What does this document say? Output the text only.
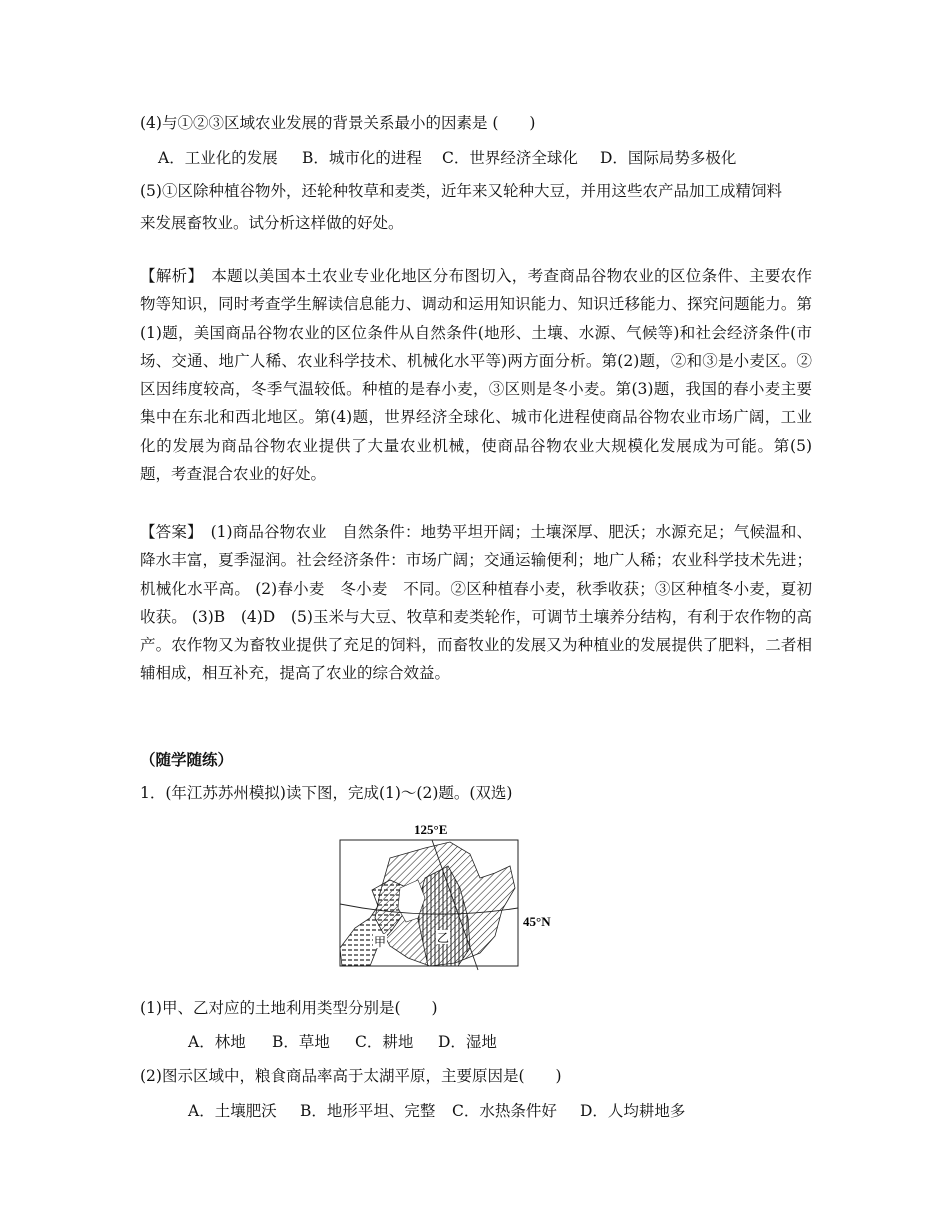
(4)与①②③区域农业发展的背景关系最小的因素是 (　　)
A．工业化的发展 B．城市化的进程 C．世界经济全球化 D．国际局势多极化
(5)①区除种植谷物外，还轮种牧草和麦类，近年来又轮种大豆，并用这些农产品加工成精饲料
来发展畜牧业。试分析这样做的好处。
【解析】　本题以美国本土农业专业化地区分布图切入，考查商品谷物农业的区位条件、主要农作物等知识，同时考查学生解读信息能力、调动和运用知识能力、知识迁移能力、探究问题能力。第(1)题，美国商品谷物农业的区位条件从自然条件(地形、土壤、水源、气候等)和社会经济条件(市场、交通、地广人稀、农业科学技术、机械化水平等)两方面分析。第(2)题，②和③是小麦区。②区因纬度较高，冬季气温较低。种植的是春小麦，③区则是冬小麦。第(3)题，我国的春小麦主要集中在东北和西北地区。第(4)题，世界经济全球化、城市化进程使商品谷物农业市场广阔，工业化的发展为商品谷物农业提供了大量农业机械，使商品谷物农业大规模化发展成为可能。第(5)题，考查混合农业的好处。
【答案】　(1)商品谷物农业　自然条件：地势平坦开阔；土壤深厚、肥沃；水源充足；气候温和、降水丰富，夏季湿润。社会经济条件：市场广阔；交通运输便利；地广人稀；农业科学技术先进；机械化水平高。 (2)春小麦　冬小麦　不同。②区种植春小麦，秋季收获；③区种植冬小麦，夏初收获。 (3)B　(4)D　(5)玉米与大豆、牧草和麦类轮作，可调节土壤养分结构，有利于农作物的高产。农作物又为畜牧业提供了充足的饲料，而畜牧业的发展又为种植业的发展提供了肥料，二者相辅相成，相互补充，提高了农业的综合效益。
（随学随练）
1．(年江苏苏州模拟)读下图，完成(1)～(2)题。(双选)
125°E
45°N
甲	乙
(1)甲、乙对应的土地利用类型分别是(　　)
A．林地 B．草地 C．耕地 D．湿地
(2)图示区域中，粮食商品率高于太湖平原，主要原因是(　　)
A．土壤肥沃 B．地形平坦、完整 C．水热条件好 D．人均耕地多
